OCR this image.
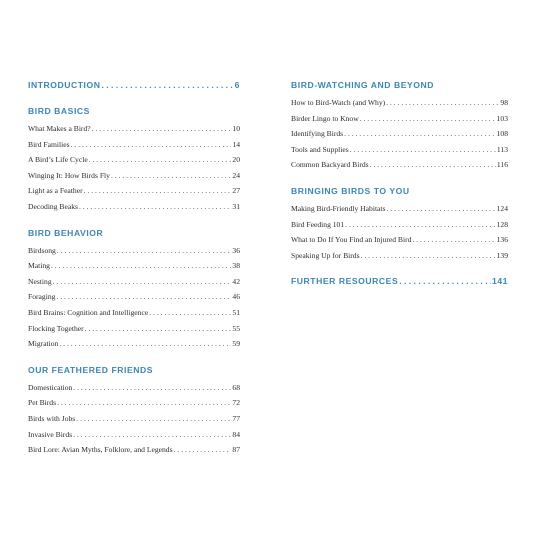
INTRODUCTION . . .	6
BIRD BASICS
What Makes a Bird? . . .	10
Bird Families . . .	14
A Bird’s Life Cycle . . .	20
Winging It: How Birds Fly . . .	24
Light as a Feather . . .	27
Decoding Beaks . . .	31
BIRD BEHAVIOR
Birdsong . . .	36
Mating . . .	38
Nesting . . .	42
Foraging . . .	46
Bird Brains: Cognition and Intelligence . . .	51
Flocking Together . . .	55
Migration . . .	59
OUR FEATHERED FRIENDS
Domestication . . .	68
Pet Birds . . .	72
Birds with Jobs . . .	77
Invasive Birds . . .	84
Bird Lore: Avian Myths, Folklore, and Legends . . .	87
BIRD-WATCHING AND BEYOND
How to Bird-Watch (and Why) . . .	98
Birder Lingo to Know . . .	103
Identifying Birds . . .	108
Tools and Supplies . . .	113
Common Backyard Birds . . .	116
BRINGING BIRDS TO YOU
Making Bird-Friendly Habitats . . .	124
Bird Feeding 101 . . .	128
What to Do If You Find an Injured Bird . . .	136
Speaking Up for Birds . . .	139
FURTHER RESOURCES . . .	141
